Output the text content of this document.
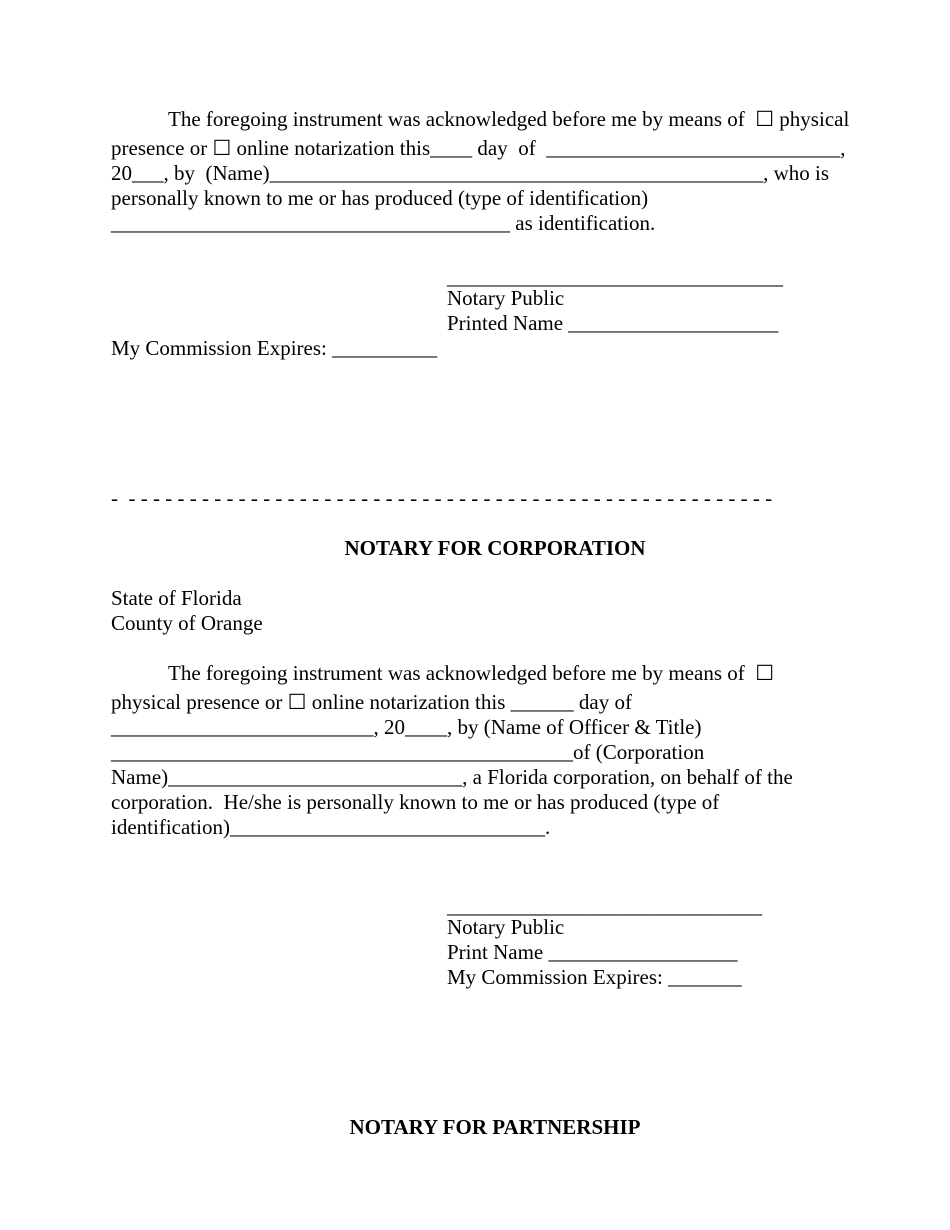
The foregoing instrument was acknowledged before me by means of  ☐ physical
presence or ☐ online notarization this____ day  of  ____________________________,
20___, by  (Name)_______________________________________________, who is
personally known to me or has produced (type of identification)
______________________________________ as identification.
________________________________
Notary Public
Printed Name ____________________
My Commission Expires: __________
-  - - - - - - - - - - - - - - - - - - - - - - - - - - - - - - - - - - - - - - - - - - - - - - - - - - - - -
NOTARY FOR CORPORATION
State of Florida
County of Orange
The foregoing instrument was acknowledged before me by means of  ☐
physical presence or ☐ online notarization this ______ day of
_________________________, 20____, by (Name of Officer & Title)
____________________________________________of (Corporation
Name)____________________________, a Florida corporation, on behalf of the
corporation.  He/she is personally known to me or has produced (type of
identification)______________________________.
______________________________
Notary Public
Print Name __________________
My Commission Expires: _______
NOTARY FOR PARTNERSHIP
